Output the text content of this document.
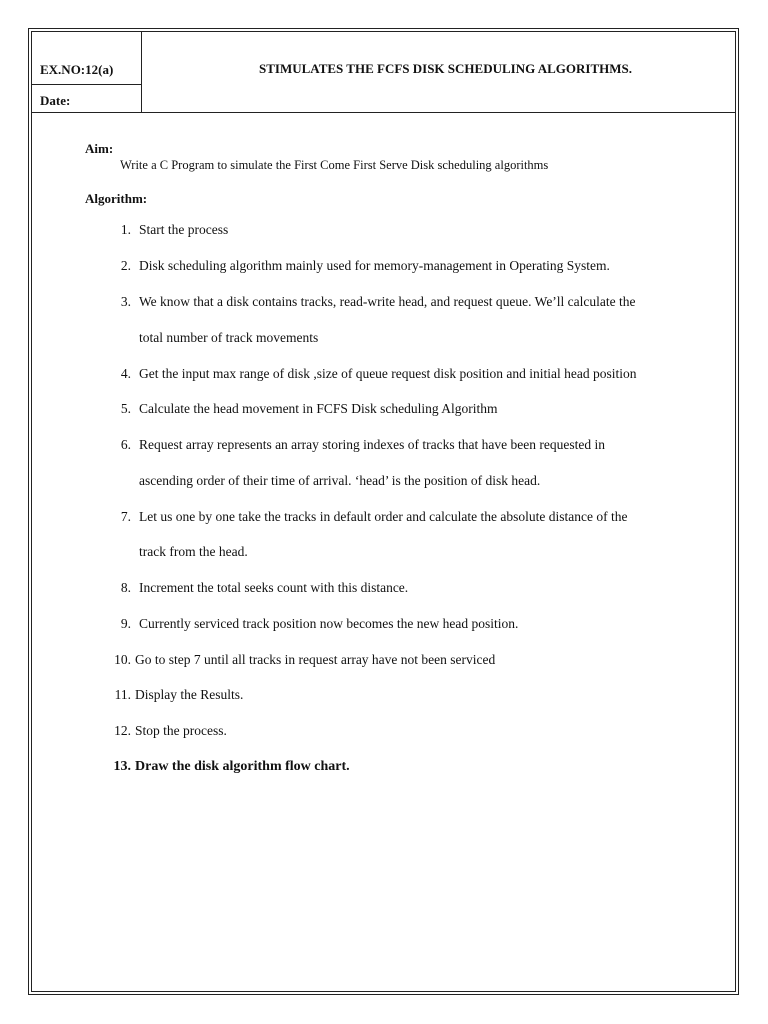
EX.NO:12(a)
Date:
STIMULATES THE FCFS DISK SCHEDULING ALGORITHMS.
Aim:
Write a C Program to simulate the First Come First Serve Disk scheduling algorithms
Algorithm:
1. Start the process
2. Disk scheduling algorithm mainly used for memory-management in Operating System.
3. We know that a disk contains tracks, read-write head, and request queue. We’ll calculate the
total number of track movements
4. Get the input max range of disk ,size of queue request disk position and initial head position
5. Calculate the head movement in FCFS Disk scheduling Algorithm
6. Request array represents an array storing indexes of tracks that have been requested in
ascending order of their time of arrival. ‘head’ is the position of disk head.
7. Let us one by one take the tracks in default order and calculate the absolute distance of the
track from the head.
8. Increment the total seeks count with this distance.
9. Currently serviced track position now becomes the new head position.
10. Go to step 7 until all tracks in request array have not been serviced
11. Display the Results.
12. Stop the process.
13. Draw the disk algorithm flow chart.
